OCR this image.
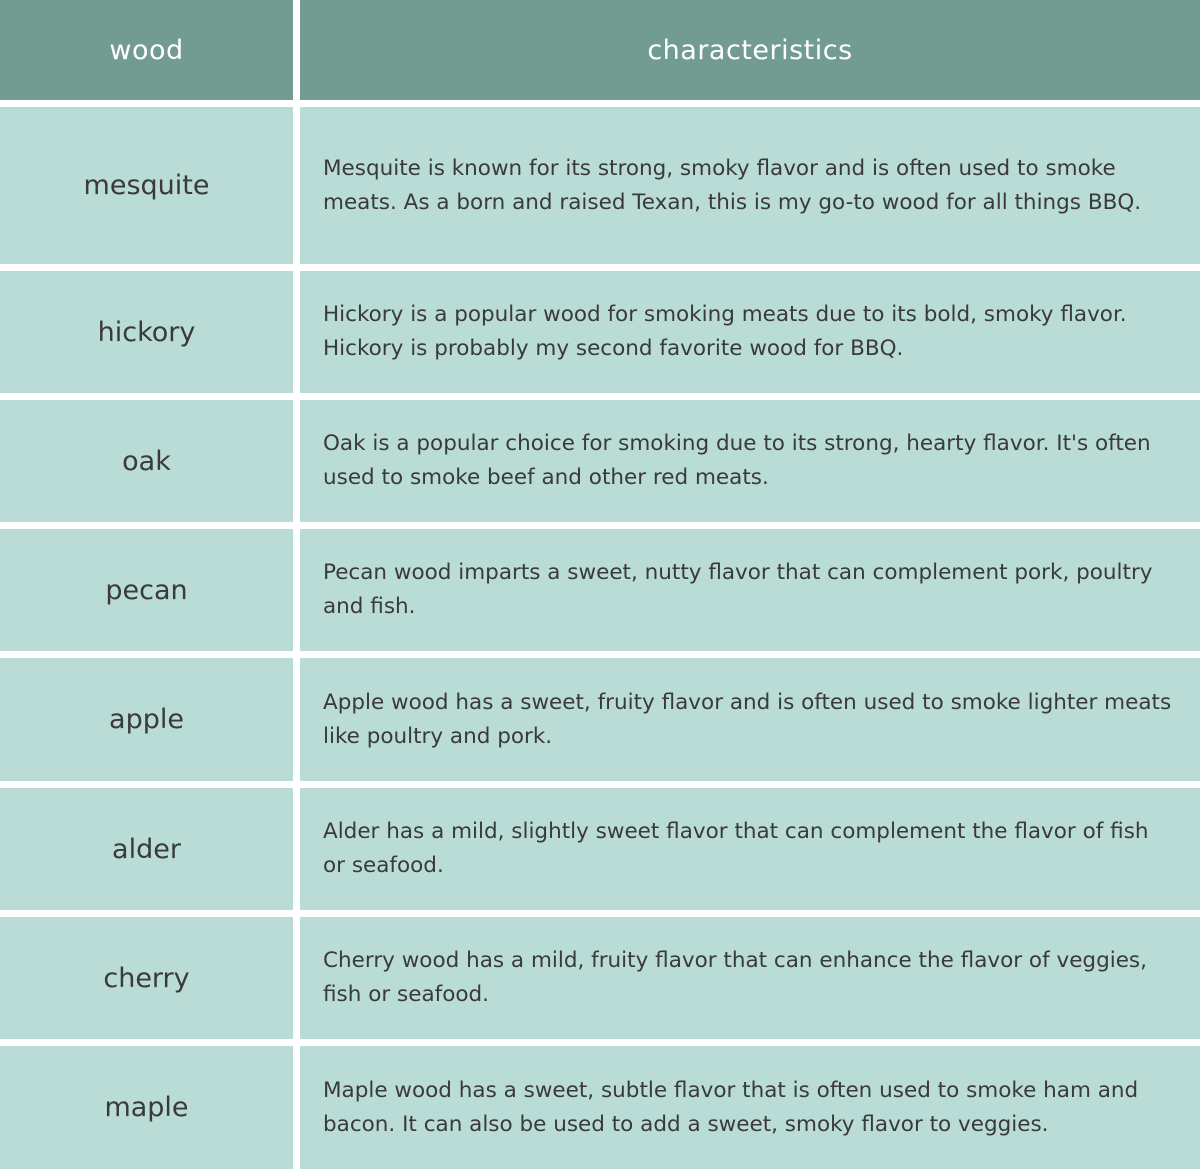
wood	characteristics
mesquite
Mesquite is known for its strong, smoky flavor and is often used to smoke meats. As a born and raised Texan, this is my go-to wood for all things BBQ.
hickory
Hickory is a popular wood for smoking meats due to its bold, smoky flavor. Hickory is probably my second favorite wood for BBQ.
oak
Oak is a popular choice for smoking due to its strong, hearty flavor. It's often used to smoke beef and other red meats.
pecan
Pecan wood imparts a sweet, nutty flavor that can complement pork, poultry and fish.
apple
Apple wood has a sweet, fruity flavor and is often used to smoke lighter meats like poultry and pork.
alder
Alder has a mild, slightly sweet flavor that can complement the flavor of fish or seafood.
cherry
Cherry wood has a mild, fruity flavor that can enhance the flavor of veggies, fish or seafood.
maple
Maple wood has a sweet, subtle flavor that is often used to smoke ham and bacon. It can also be used to add a sweet, smoky flavor to veggies.
